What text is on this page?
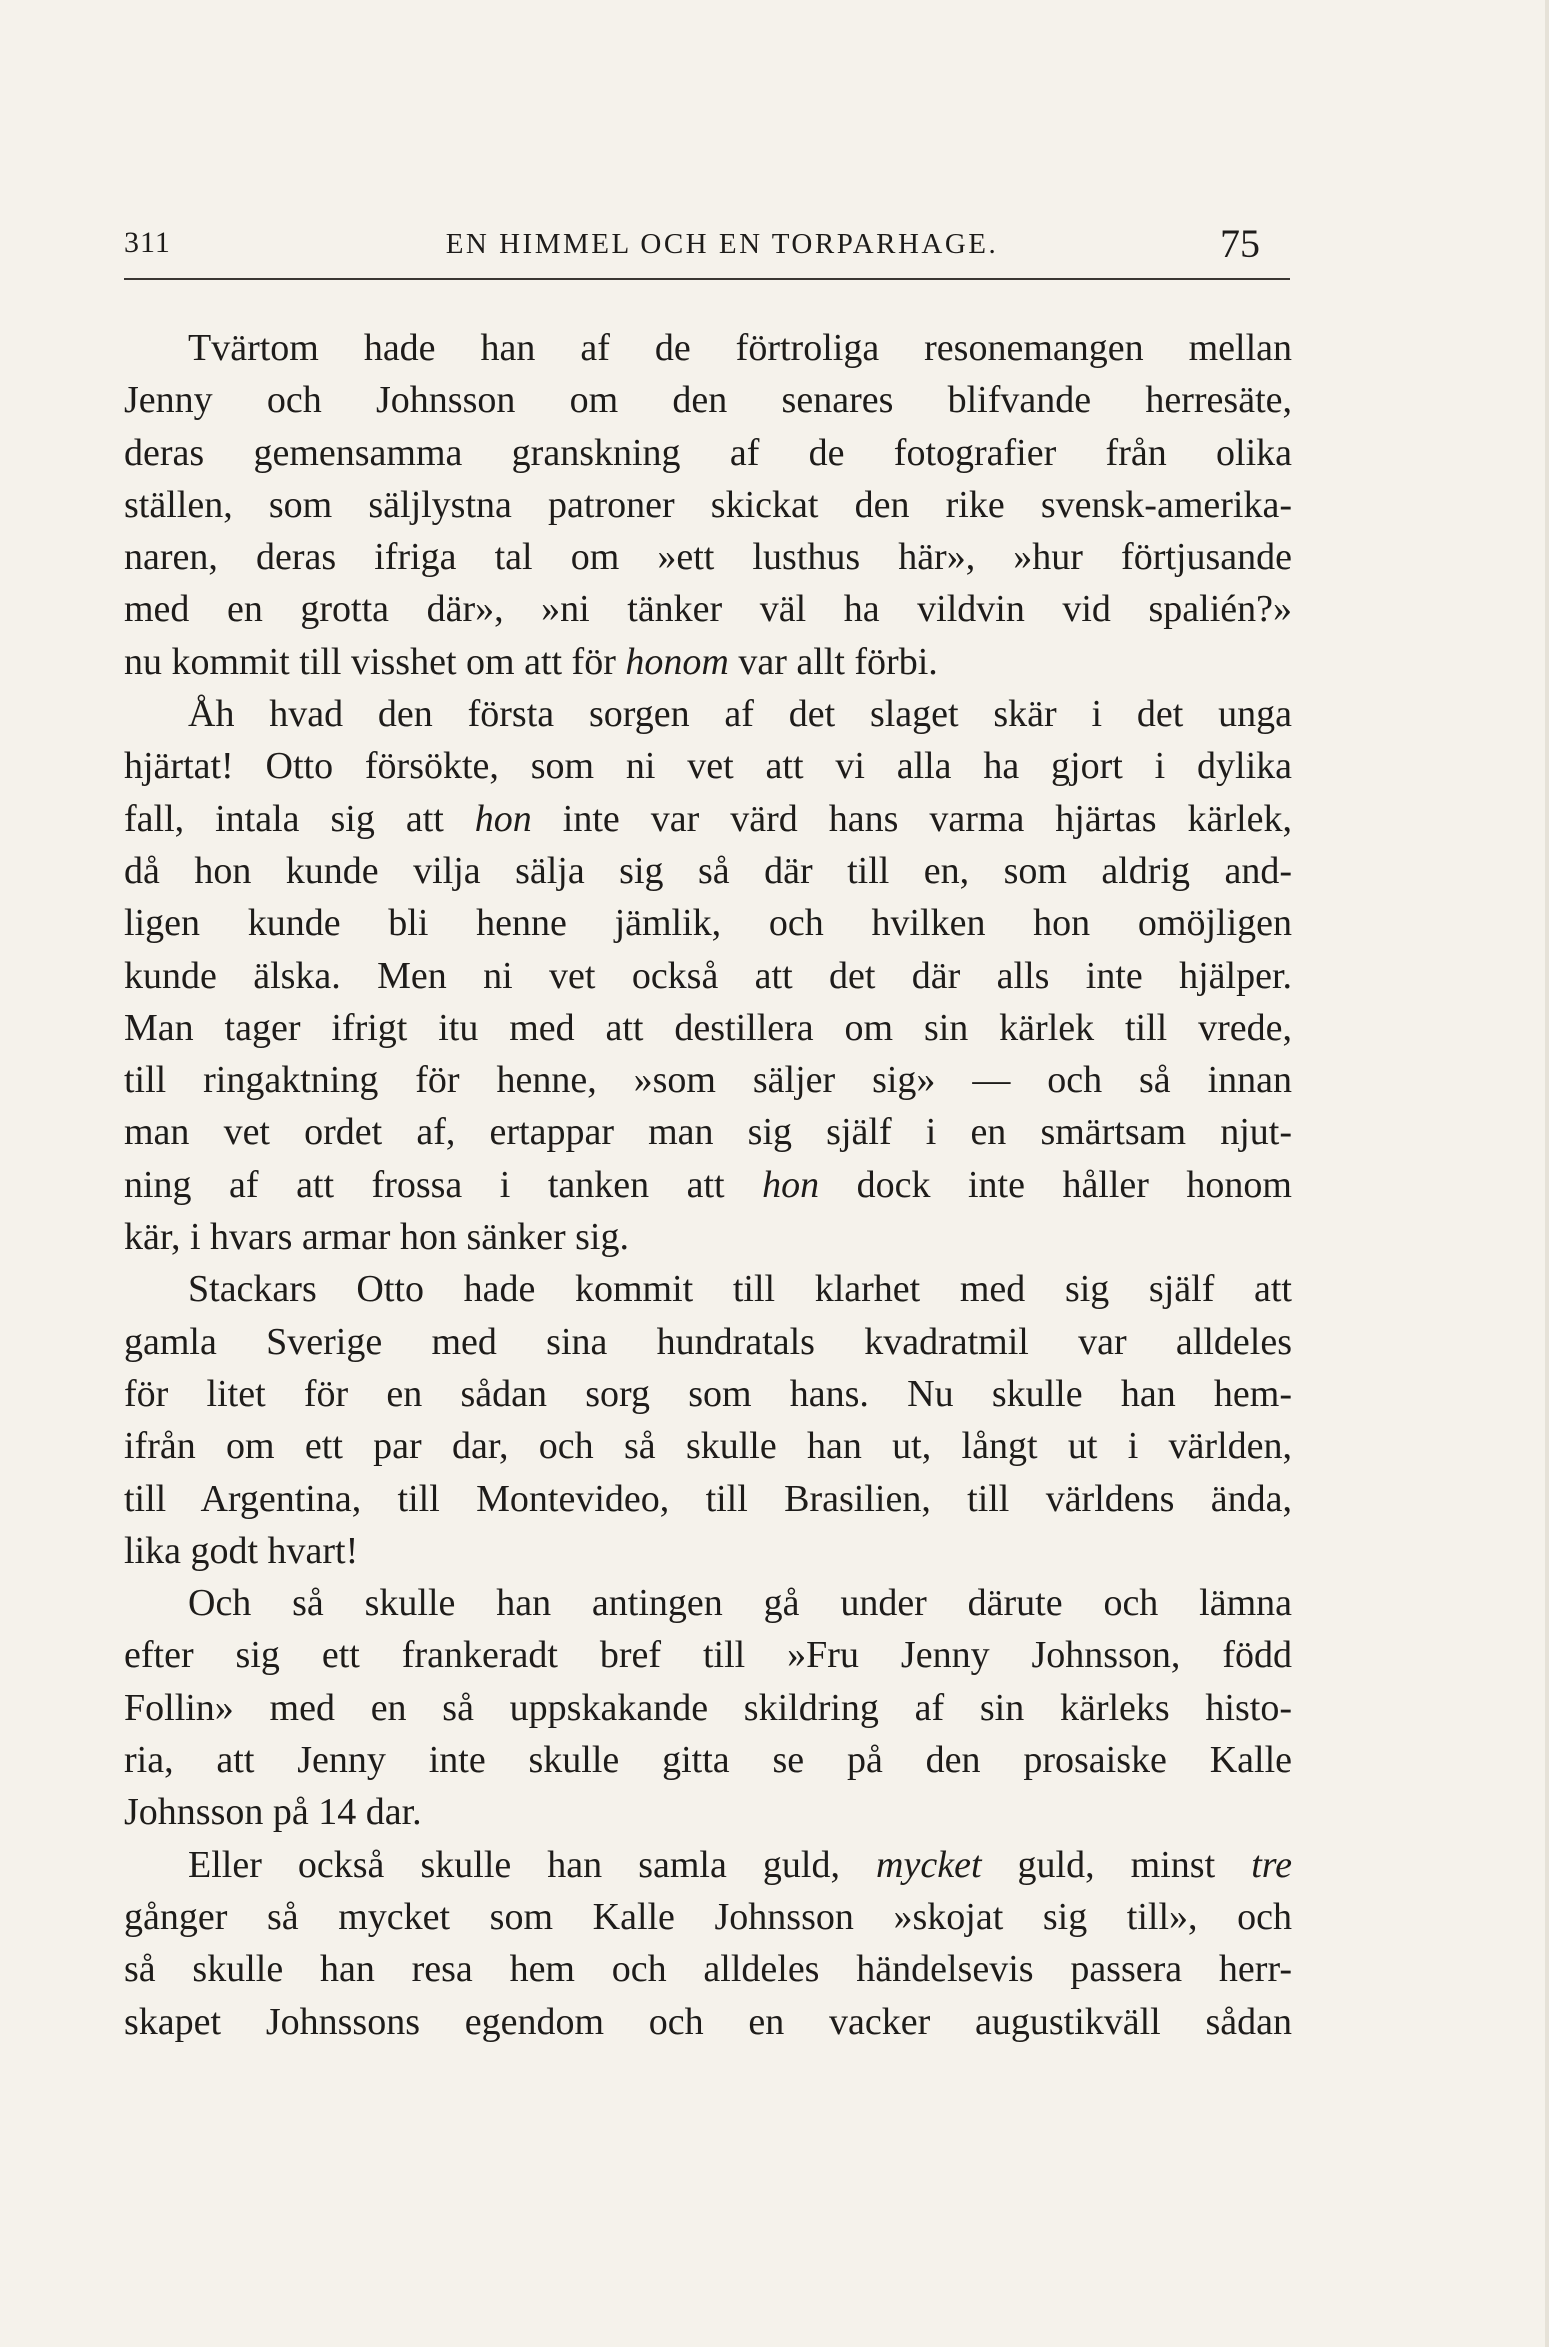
311	EN HIMMEL OCH EN TORPARHAGE.	75
Tvärtom hade han af de förtroliga resonemangen mellan
Jenny och Johnsson om den senares blifvande herresäte,
deras gemensamma granskning af de fotografier från olika
ställen, som säljlystna patroner skickat den rike svensk-amerika-
naren, deras ifriga tal om »ett lusthus här», »hur förtjusande
med en grotta där», »ni tänker väl ha vildvin vid spalién?»
nu kommit till visshet om att för honom var allt förbi.
Åh hvad den första sorgen af det slaget skär i det unga
hjärtat! Otto försökte, som ni vet att vi alla ha gjort i dylika
fall, intala sig att hon inte var värd hans varma hjärtas kärlek,
då hon kunde vilja sälja sig så där till en, som aldrig and-
ligen kunde bli henne jämlik, och hvilken hon omöjligen
kunde älska. Men ni vet också att det där alls inte hjälper.
Man tager ifrigt itu med att destillera om sin kärlek till vrede,
till ringaktning för henne, »som säljer sig» — och så innan
man vet ordet af, ertappar man sig själf i en smärtsam njut-
ning af att frossa i tanken att hon dock inte håller honom
kär, i hvars armar hon sänker sig.
Stackars Otto hade kommit till klarhet med sig själf att
gamla Sverige med sina hundratals kvadratmil var alldeles
för litet för en sådan sorg som hans. Nu skulle han hem-
ifrån om ett par dar, och så skulle han ut, långt ut i världen,
till Argentina, till Montevideo, till Brasilien, till världens ända,
lika godt hvart!
Och så skulle han antingen gå under därute och lämna
efter sig ett frankeradt bref till »Fru Jenny Johnsson, född
Follin» med en så uppskakande skildring af sin kärleks histo-
ria, att Jenny inte skulle gitta se på den prosaiske Kalle
Johnsson på 14 dar.
Eller också skulle han samla guld, mycket guld, minst tre
gånger så mycket som Kalle Johnsson »skojat sig till», och
så skulle han resa hem och alldeles händelsevis passera herr-
skapet Johnssons egendom och en vacker augustikväll sådan
